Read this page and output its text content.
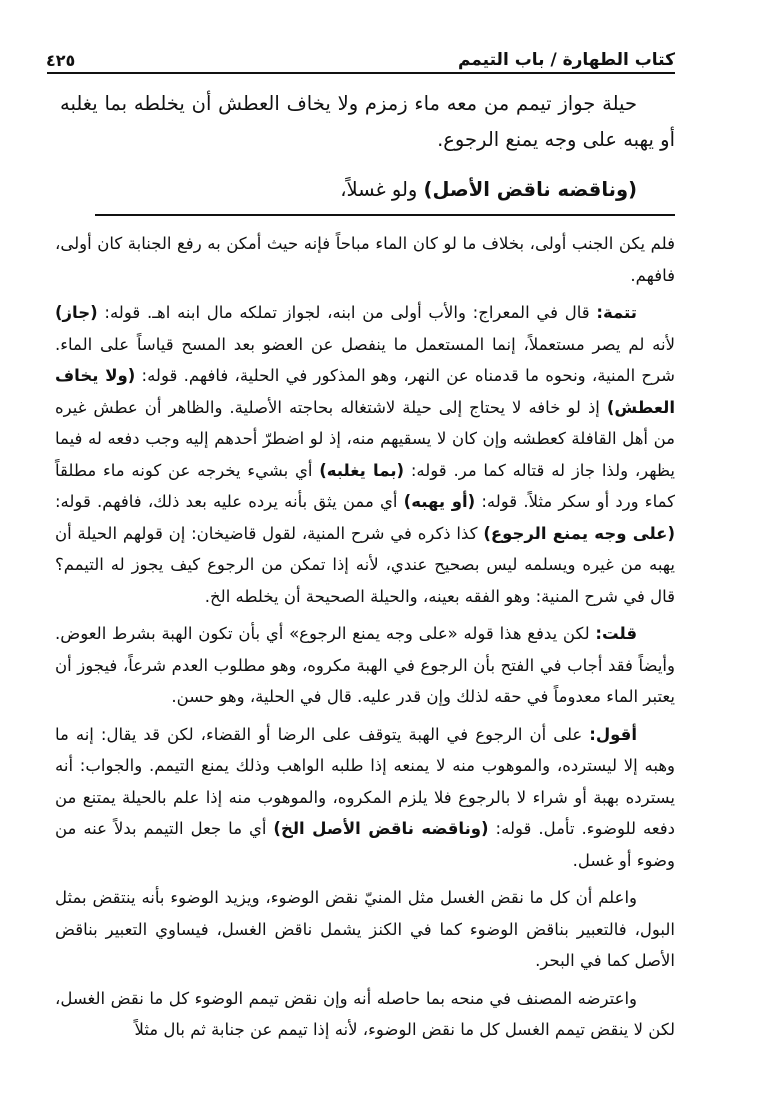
كتاب الطهارة / باب التيمم
٤٢٥

حيلة جواز تيمم من معه ماء زمزم ولا يخاف العطش أن يخلطه بما يغلبه أو يهبه على وجه يمنع الرجوع.

(وناقضه ناقض الأصل) ولو غسلاً،

فلم يكن الجنب أولى، بخلاف ما لو كان الماء مباحاً فإنه حيث أمكن به رفع الجنابة كان أولى، فافهم.

تتمة: قال في المعراج: والأب أولى من ابنه، لجواز تملكه مال ابنه اهـ. قوله: (جاز) لأنه لم يصر مستعملاً، إنما المستعمل ما ينفصل عن العضو بعد المسح قياساً على الماء. شرح المنية، ونحوه ما قدمناه عن النهر، وهو المذكور في الحلية، فافهم. قوله: (ولا يخاف العطش) إذ لو خافه لا يحتاج إلى حيلة لاشتغاله بحاجته الأصلية. والظاهر أن عطش غيره من أهل القافلة كعطشه وإن كان لا يسقيهم منه، إذ لو اضطرّ أحدهم إليه وجب دفعه له فيما يظهر، ولذا جاز له قتاله كما مر. قوله: (بما يغلبه) أي بشيء يخرجه عن كونه ماء مطلقاً كماء ورد أو سكر مثلاً. قوله: (أو يهبه) أي ممن يثق بأنه يرده عليه بعد ذلك، فافهم. قوله: (على وجه يمنع الرجوع) كذا ذكره في شرح المنية، لقول قاضيخان: إن قولهم الحيلة أن يهبه من غيره ويسلمه ليس بصحيح عندي، لأنه إذا تمكن من الرجوع كيف يجوز له التيمم؟ قال في شرح المنية: وهو الفقه بعينه، والحيلة الصحيحة أن يخلطه الخ.

قلت: لكن يدفع هذا قوله «على وجه يمنع الرجوع» أي بأن تكون الهبة بشرط العوض. وأيضاً فقد أجاب في الفتح بأن الرجوع في الهبة مكروه، وهو مطلوب العدم شرعاً، فيجوز أن يعتبر الماء معدوماً في حقه لذلك وإن قدر عليه. قال في الحلية، وهو حسن.

أقول: على أن الرجوع في الهبة يتوقف على الرضا أو القضاء، لكن قد يقال: إنه ما وهبه إلا ليسترده، والموهوب منه لا يمنعه إذا طلبه الواهب وذلك يمنع التيمم. والجواب: أنه يسترده بهبة أو شراء لا بالرجوع فلا يلزم المكروه، والموهوب منه إذا علم بالحيلة يمتنع من دفعه للوضوء. تأمل. قوله: (وناقضه ناقض الأصل الخ) أي ما جعل التيمم بدلاً عنه من وضوء أو غسل.

واعلم أن كل ما نقض الغسل مثل المنيّ نقض الوضوء، ويزيد الوضوء بأنه ينتقض بمثل البول، فالتعبير بناقض الوضوء كما في الكنز يشمل ناقض الغسل، فيساوي التعبير بناقض الأصل كما في البحر.

واعترضه المصنف في منحه بما حاصله أنه وإن نقض تيمم الوضوء كل ما نقض الغسل، لكن لا ينقض تيمم الغسل كل ما نقض الوضوء، لأنه إذا تيمم عن جنابة ثم بال مثلاً
